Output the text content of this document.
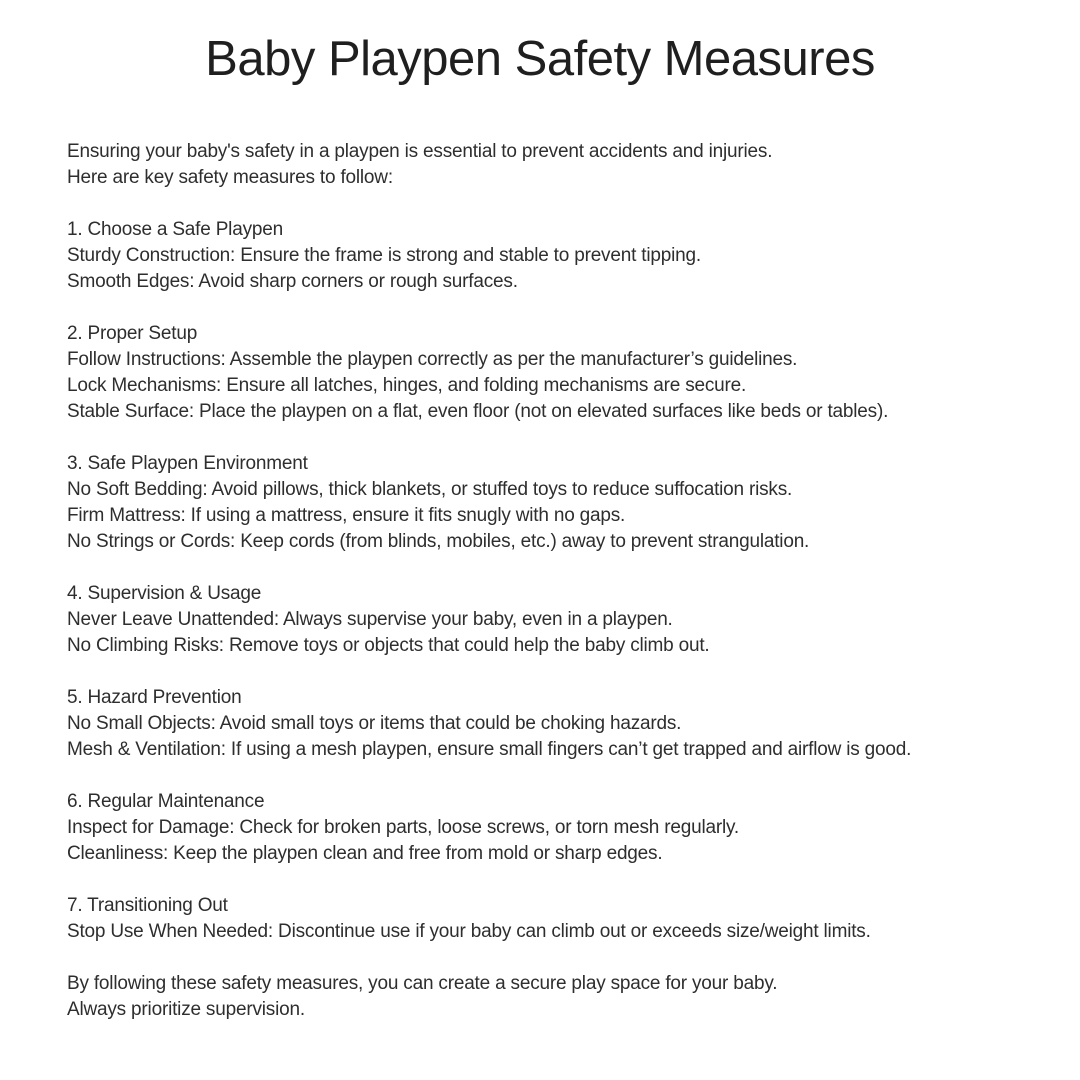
Baby Playpen Safety Measures

Ensuring your baby's safety in a playpen is essential to prevent accidents and injuries.

Here are key safety measures to follow:

1. Choose a Safe Playpen

Sturdy Construction: Ensure the frame is strong and stable to prevent tipping.

Smooth Edges: Avoid sharp corners or rough surfaces.

2. Proper Setup

Follow Instructions: Assemble the playpen correctly as per the manufacturer’s guidelines.

Lock Mechanisms: Ensure all latches, hinges, and folding mechanisms are secure.

Stable Surface: Place the playpen on a flat, even floor (not on elevated surfaces like beds or tables).

3. Safe Playpen Environment

No Soft Bedding: Avoid pillows, thick blankets, or stuffed toys to reduce suffocation risks.

Firm Mattress: If using a mattress, ensure it fits snugly with no gaps.

No Strings or Cords: Keep cords (from blinds, mobiles, etc.) away to prevent strangulation.

4. Supervision & Usage

Never Leave Unattended: Always supervise your baby, even in a playpen.

No Climbing Risks: Remove toys or objects that could help the baby climb out.

5. Hazard Prevention

No Small Objects: Avoid small toys or items that could be choking hazards.

Mesh & Ventilation: If using a mesh playpen, ensure small fingers can’t get trapped and airflow is good.

6. Regular Maintenance

Inspect for Damage: Check for broken parts, loose screws, or torn mesh regularly.

Cleanliness: Keep the playpen clean and free from mold or sharp edges.

7. Transitioning Out

Stop Use When Needed: Discontinue use if your baby can climb out or exceeds size/weight limits.

By following these safety measures, you can create a secure play space for your baby.

Always prioritize supervision.
